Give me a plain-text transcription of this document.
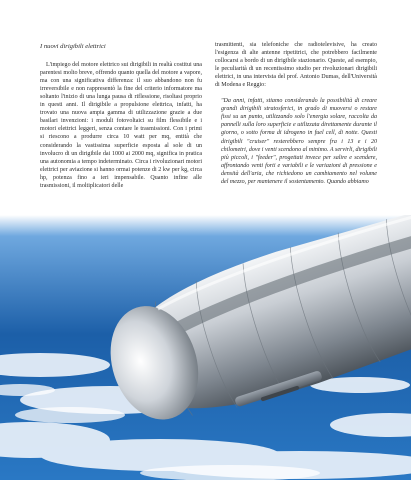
I nuovi dirigibili elettrici

L'impiego del motore elettrico sui dirigibili in realtà costitui una parentesi molto breve, offrendo quanto quella del motore a vapore, ma con una significativa differenza: il suo abbandono non fu irreversibile e non rappresentò la fine del criterio informatore ma soltanto l'inizio di una lunga pausa di riflessione, risoltasi proprio in questi anni. Il dirigibile a propulsione elettrica, infatti, ha trovato una nuova ampia gamma di utilizzazione grazie a due basilari invenzioni: i moduli fotovoltaici su film flessibile e i motori elettrici leggeri, senza contare le trasmissioni. Con i primi si riescono a produrre circa 10 watt per mq, entità che considerando la vastissima superficie esposta al sole di un involucro di un dirigibile dai 1000 ai 2000 mq, significa in pratica una autonomia a tempo indeterminato. Circa i rivoluzionari motori elettrici per aviazione si hanno ormai potenze di 2 kw per kg, circa hp, potenza fino a ieri impensabile. Quanto infine alle trasmissioni, il moltiplicatori delle

trasmittenti, sia telefoniche che radiotelevisive, ha creato l'esigenza di alte antenne ripetitrici, che potrebbero facilmente collocarsi a bordo di un dirigibile stazionario. Queste, ad esempio, le peculiarità di un recentissimo studio per rivoluzionari dirigibili elettrici, in una intervista del prof. Antonio Dumas, dell'Università di Modena e Reggio:

"Da anni, infatti, stiamo considerando la possibilità di creare grandi dirigibili stratosferici, in grado di muoversi o restare fissi su un punto, utilizzando solo l'energia solare, raccolta da pannelli sulla loro superficie e utilizzata direttamente durante il giorno, o sotto forma di idrogeno in fuel cell, di notte. Questi dirigibili "cruiser" resterebbero sempre fra i 13 e i 20 chilometri, dove i venti scendono al minimo. A servirli, dirigibili più piccoli, i "feeder", progettati invece per salire e scendere, affrontando venti forti e variabili e le variazioni di pressione e densità dell'aria, che richiedono un cambiamento nel volume del mezzo, per mantenere il sostentamento. Quando abbiamo
